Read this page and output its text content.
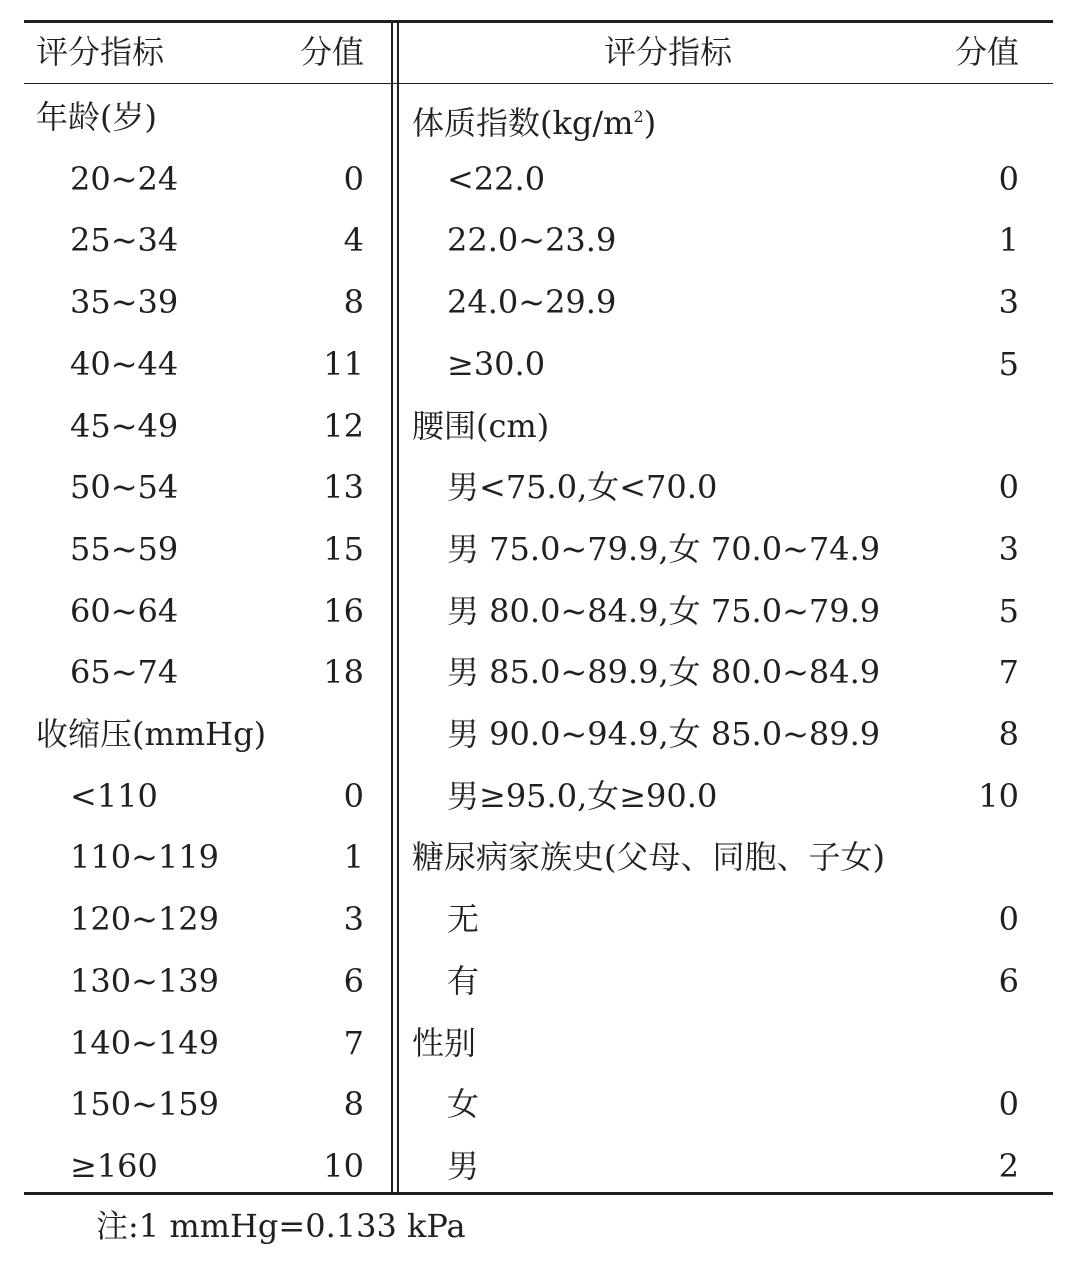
评分指标	分值	评分指标	分值
年龄(岁)
20~24	0
25~34	4
35~39	8
40~44	11
45~49	12
50~54	13
55~59	15
60~64	16
65~74	18
收缩压(mmHg)
<110	0
110~119	1
120~129	3
130~139	6
140~149	7
150~159	8
≥160	10
体质指数$(kg/m^2)$
<22.0	0
22.0~23.9	1
24.0~29.9	3
≥30.0	5
腰围(cm)
男<75.0,女<70.0	0
男 75.0~79.9,女 70.0~74.9	3
男 80.0~84.9,女 75.0~79.9	5
男 85.0~89.9,女 80.0~84.9	7
男 90.0~94.9,女 85.0~89.9	8
男≥95.0,女≥90.0	10
糖尿病家族史(父母、同胞、子女)
无	0
有	6
性别
女	0
男	2
注:1 mmHg=0.133 kPa
